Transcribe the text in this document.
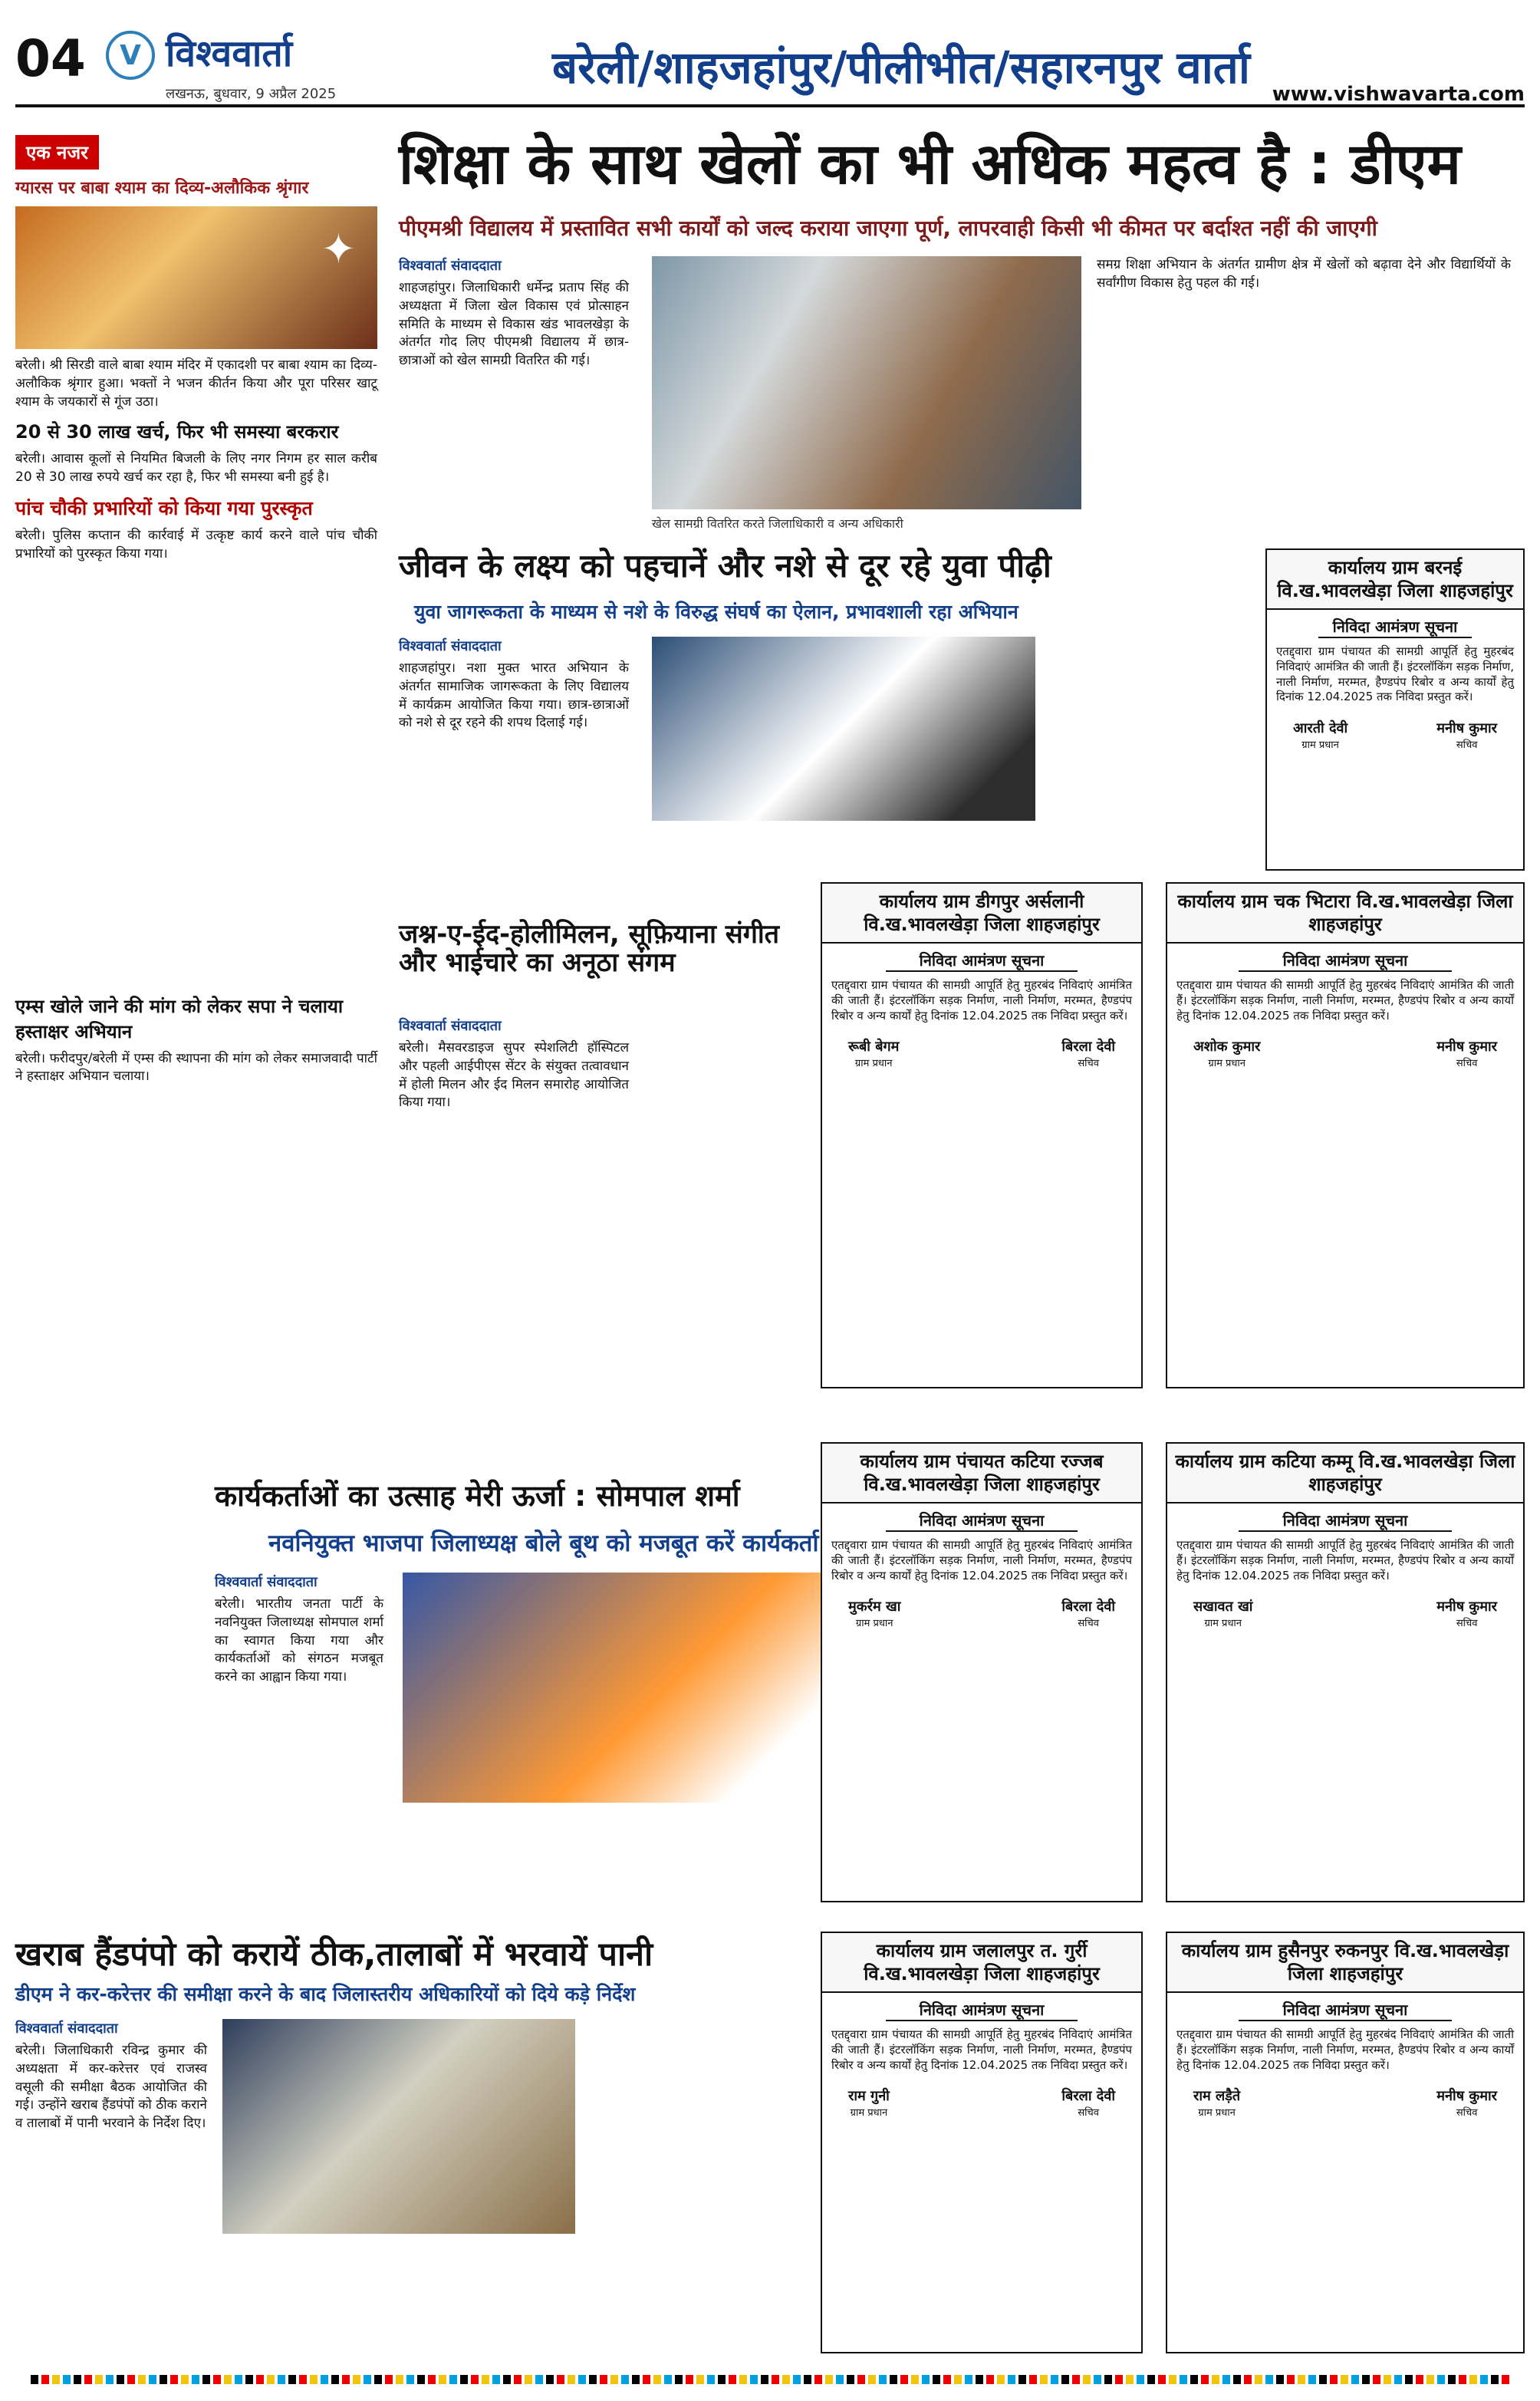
04	V विश्ववार्ता
लखनऊ, बुधवार, 9 अप्रैल 2025
बरेली/शाहजहांपुर/पीलीभीत/सहारनपुर वार्ता
www.vishwavarta.com
एक नजर
ग्यारस पर बाबा श्याम का दिव्य-अलौकिक श्रृंगार
✦
बरेली। श्री सिरडी वाले बाबा श्याम मंदिर में एकादशी पर बाबा श्याम का दिव्य-अलौकिक श्रृंगार हुआ। भक्तों ने भजन कीर्तन किया और पूरा परिसर खाटू श्याम के जयकारों से गूंज उठा।
20 से 30 लाख खर्च, फिर भी समस्या बरकरार
बरेली। आवास कूलों से नियमित बिजली के लिए नगर निगम हर साल करीब 20 से 30 लाख रुपये खर्च कर रहा है, फिर भी समस्या बनी हुई है।
पांच चौकी प्रभारियों को किया गया पुरस्कृत
बरेली। पुलिस कप्तान की कार्रवाई में उत्कृष्ट कार्य करने वाले पांच चौकी प्रभारियों को पुरस्कृत किया गया।
एम्स खोले जाने की मांग को लेकर सपा ने चलाया हस्ताक्षर अभियान
बरेली। फरीदपुर/बरेली में एम्स की स्थापना की मांग को लेकर समाजवादी पार्टी ने हस्ताक्षर अभियान चलाया।
शिक्षा के साथ खेलों का भी अधिक महत्व है : डीएम
पीएमश्री विद्यालय में प्रस्तावित सभी कार्यों को जल्द कराया जाएगा पूर्ण, लापरवाही किसी भी कीमत पर बर्दाश्त नहीं की जाएगी
विश्ववार्ता संवाददाता
शाहजहांपुर। जिलाधिकारी धर्मेन्द्र प्रताप सिंह की अध्यक्षता में जिला खेल विकास एवं प्रोत्साहन समिति के माध्यम से विकास खंड भावलखेड़ा के अंतर्गत गोद लिए पीएमश्री विद्यालय में छात्र-छात्राओं को खेल सामग्री वितरित की गई।
खेल सामग्री वितरित करते जिलाधिकारी व अन्य अधिकारी
समग्र शिक्षा अभियान के अंतर्गत ग्रामीण क्षेत्र में खेलों को बढ़ावा देने और विद्यार्थियों के सर्वांगीण विकास हेतु पहल की गई।
जीवन के लक्ष्य को पहचानें और नशे से दूर रहे युवा पीढ़ी
युवा जागरूकता के माध्यम से नशे के विरुद्ध संघर्ष का ऐलान, प्रभावशाली रहा अभियान
विश्ववार्ता संवाददाता
शाहजहांपुर। नशा मुक्त भारत अभियान के अंतर्गत सामाजिक जागरूकता के लिए विद्यालय में कार्यक्रम आयोजित किया गया। छात्र-छात्राओं को नशे से दूर रहने की शपथ दिलाई गई।
जश्न-ए-ईद-होलीमिलन, सूफ़ियाना संगीत और भाईचारे का अनूठा संगम
विश्ववार्ता संवाददाता
बरेली। मैसवरडाइज सुपर स्पेशलिटी हॉस्पिटल और पहली आईपीएस सेंटर के संयुक्त तत्वावधान में होली मिलन और ईद मिलन समारोह आयोजित किया गया।
कार्यकर्ताओं का उत्साह मेरी ऊर्जा : सोमपाल शर्मा
नवनियुक्त भाजपा जिलाध्यक्ष बोले बूथ को मजबूत करें कार्यकर्ता
विश्ववार्ता संवाददाता
बरेली। भारतीय जनता पार्टी के नवनियुक्त जिलाध्यक्ष सोमपाल शर्मा का स्वागत किया गया और कार्यकर्ताओं को संगठन मजबूत करने का आह्वान किया गया।
खराब हैंडपंपो को करायें ठीक,तालाबों में भरवायें पानी
डीएम ने कर-करेत्तर की समीक्षा करने के बाद जिलास्तरीय अधिकारियों को दिये कड़े निर्देश
विश्ववार्ता संवाददाता
बरेली। जिलाधिकारी रविन्द्र कुमार की अध्यक्षता में कर-करेत्तर एवं राजस्व वसूली की समीक्षा बैठक आयोजित की गई। उन्होंने खराब हैंडपंपों को ठीक कराने व तालाबों में पानी भरवाने के निर्देश दिए।
कार्यालय ग्राम बरनई वि.ख.भावलखेड़ा जिला शाहजहांपुर
निविदा आमंत्रण सूचना
एतद्द्वारा ग्राम पंचायत की सामग्री आपूर्ति हेतु मुहरबंद निविदाएं आमंत्रित की जाती हैं। इंटरलॉकिंग सड़क निर्माण, नाली निर्माण, मरम्मत, हैण्डपंप रिबोर व अन्य कार्यों हेतु दिनांक 12.04.2025 तक निविदा प्रस्तुत करें।
आरती देवी
ग्राम प्रधान
मनीष कुमार
सचिव
कार्यालय ग्राम डीगपुर अर्सलानी वि.ख.भावलखेड़ा जिला शाहजहांपुर
निविदा आमंत्रण सूचना
एतद्द्वारा ग्राम पंचायत की सामग्री आपूर्ति हेतु मुहरबंद निविदाएं आमंत्रित की जाती हैं। इंटरलॉकिंग सड़क निर्माण, नाली निर्माण, मरम्मत, हैण्डपंप रिबोर व अन्य कार्यों हेतु दिनांक 12.04.2025 तक निविदा प्रस्तुत करें।
रूबी बेगम
ग्राम प्रधान
बिरला देवी
सचिव
कार्यालय ग्राम चक भिटारा वि.ख.भावलखेड़ा जिला शाहजहांपुर
निविदा आमंत्रण सूचना
एतद्द्वारा ग्राम पंचायत की सामग्री आपूर्ति हेतु मुहरबंद निविदाएं आमंत्रित की जाती हैं। इंटरलॉकिंग सड़क निर्माण, नाली निर्माण, मरम्मत, हैण्डपंप रिबोर व अन्य कार्यों हेतु दिनांक 12.04.2025 तक निविदा प्रस्तुत करें।
अशोक कुमार
ग्राम प्रधान
मनीष कुमार
सचिव
कार्यालय ग्राम पंचायत कटिया रज्जब वि.ख.भावलखेड़ा जिला शाहजहांपुर
निविदा आमंत्रण सूचना
एतद्द्वारा ग्राम पंचायत की सामग्री आपूर्ति हेतु मुहरबंद निविदाएं आमंत्रित की जाती हैं। इंटरलॉकिंग सड़क निर्माण, नाली निर्माण, मरम्मत, हैण्डपंप रिबोर व अन्य कार्यों हेतु दिनांक 12.04.2025 तक निविदा प्रस्तुत करें।
मुकर्रम खा
ग्राम प्रधान
बिरला देवी
सचिव
कार्यालय ग्राम कटिया कम्मू वि.ख.भावलखेड़ा जिला शाहजहांपुर
निविदा आमंत्रण सूचना
एतद्द्वारा ग्राम पंचायत की सामग्री आपूर्ति हेतु मुहरबंद निविदाएं आमंत्रित की जाती हैं। इंटरलॉकिंग सड़क निर्माण, नाली निर्माण, मरम्मत, हैण्डपंप रिबोर व अन्य कार्यों हेतु दिनांक 12.04.2025 तक निविदा प्रस्तुत करें।
सखावत खां
ग्राम प्रधान
मनीष कुमार
सचिव
कार्यालय ग्राम जलालपुर त. गुर्री वि.ख.भावलखेड़ा जिला शाहजहांपुर
निविदा आमंत्रण सूचना
एतद्द्वारा ग्राम पंचायत की सामग्री आपूर्ति हेतु मुहरबंद निविदाएं आमंत्रित की जाती हैं। इंटरलॉकिंग सड़क निर्माण, नाली निर्माण, मरम्मत, हैण्डपंप रिबोर व अन्य कार्यों हेतु दिनांक 12.04.2025 तक निविदा प्रस्तुत करें।
राम गुनी
ग्राम प्रधान
बिरला देवी
सचिव
कार्यालय ग्राम हुसैनपुर रुकनपुर वि.ख.भावलखेड़ा जिला शाहजहांपुर
निविदा आमंत्रण सूचना
एतद्द्वारा ग्राम पंचायत की सामग्री आपूर्ति हेतु मुहरबंद निविदाएं आमंत्रित की जाती हैं। इंटरलॉकिंग सड़क निर्माण, नाली निर्माण, मरम्मत, हैण्डपंप रिबोर व अन्य कार्यों हेतु दिनांक 12.04.2025 तक निविदा प्रस्तुत करें।
राम लड़ैते
ग्राम प्रधान
मनीष कुमार
सचिव
